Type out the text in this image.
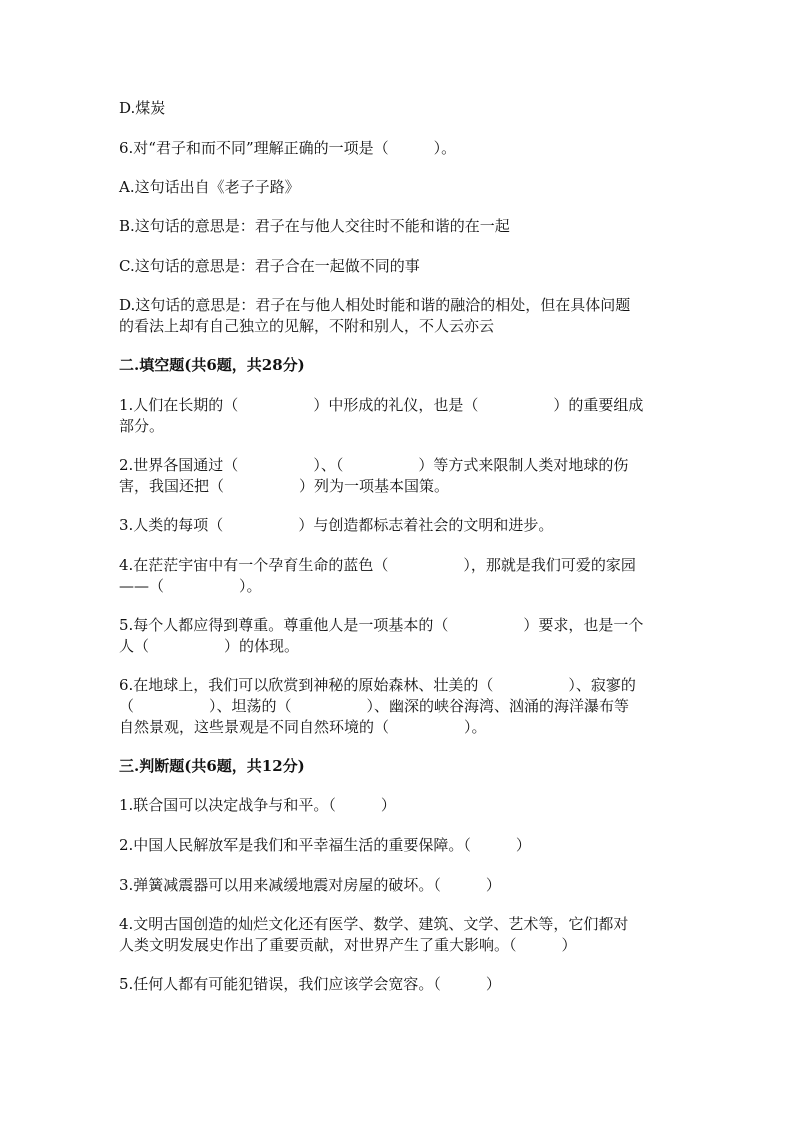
D.煤炭
6.对“君子和而不同”理解正确的一项是（　　　）。
A.这句话出自《老子子路》
B.这句话的意思是：君子在与他人交往时不能和谐的在一起
C.这句话的意思是：君子合在一起做不同的事
D.这句话的意思是：君子在与他人相处时能和谐的融洽的相处，但在具体问题
的看法上却有自己独立的见解，不附和别人，不人云亦云
二.填空题(共6题，共28分)
1.人们在长期的（　　　　　）中形成的礼仪，也是（　　　　　）的重要组成
部分。
2.世界各国通过（　　　　　）、（　　　　　）等方式来限制人类对地球的伤
害，我国还把（　　　　　）列为一项基本国策。
3.人类的每项（　　　　　）与创造都标志着社会的文明和进步。
4.在茫茫宇宙中有一个孕育生命的蓝色（　　　　　），那就是我们可爱的家园
——（　　　　　）。
5.每个人都应得到尊重。尊重他人是一项基本的（　　　　　）要求，也是一个
人（　　　　　）的体现。
6.在地球上，我们可以欣赏到神秘的原始森林、壮美的（　　　　　）、寂寥的
（　　　　　）、坦荡的（　　　　　）、幽深的峡谷海湾、汹涌的海洋瀑布等
自然景观，这些景观是不同自然环境的（　　　　　）。
三.判断题(共6题，共12分)
1.联合国可以决定战争与和平。（　　　）
2.中国人民解放军是我们和平幸福生活的重要保障。（　　　）
3.弹簧减震器可以用来减缓地震对房屋的破坏。（　　　）
4.文明古国创造的灿烂文化还有医学、数学、建筑、文学、艺术等，它们都对
人类文明发展史作出了重要贡献，对世界产生了重大影响。（　　　）
5.任何人都有可能犯错误，我们应该学会宽容。（　　　）
